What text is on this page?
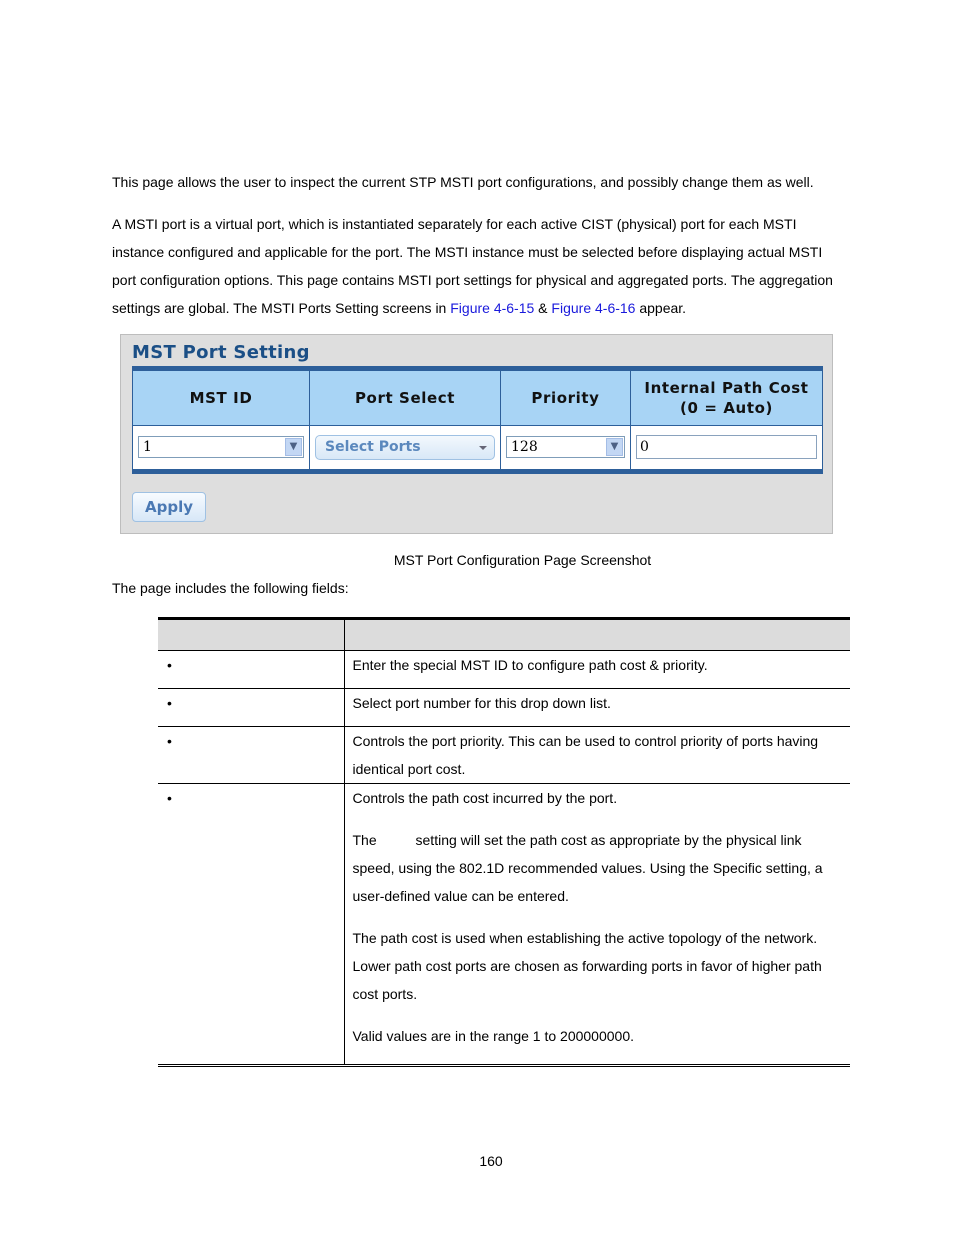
This page allows the user to inspect the current STP MSTI port configurations, and possibly change them as well.

A MSTI port is a virtual port, which is instantiated separately for each active CIST (physical) port for each MSTI instance configured and applicable for the port. The MSTI instance must be selected before displaying actual MSTI port configuration options. This page contains MSTI port settings for physical and aggregated ports. The aggregation settings are global. The MSTI Ports Setting screens in Figure 4-6-15 & Figure 4-6-16 appear.

MST Port Setting
MST ID	Port Select	Priority	Internal Path Cost
(0 = Auto)

1 ▼	Select Ports	128 ▼	0
Apply
MST Port Configuration Page Screenshot
The page includes the following fields:

•	Enter the special MST ID to configure path cost & priority.

•	Select port number for this drop down list.

•	Controls the port priority. This can be used to control priority of ports having identical port cost.

•	Controls the path cost incurred by the port.

The          setting will set the path cost as appropriate by the physical link speed, using the 802.1D recommended values. Using the Specific setting, a user-defined value can be entered.

The path cost is used when establishing the active topology of the network. Lower path cost ports are chosen as forwarding ports in favor of higher path cost ports.

Valid values are in the range 1 to 200000000.

160
